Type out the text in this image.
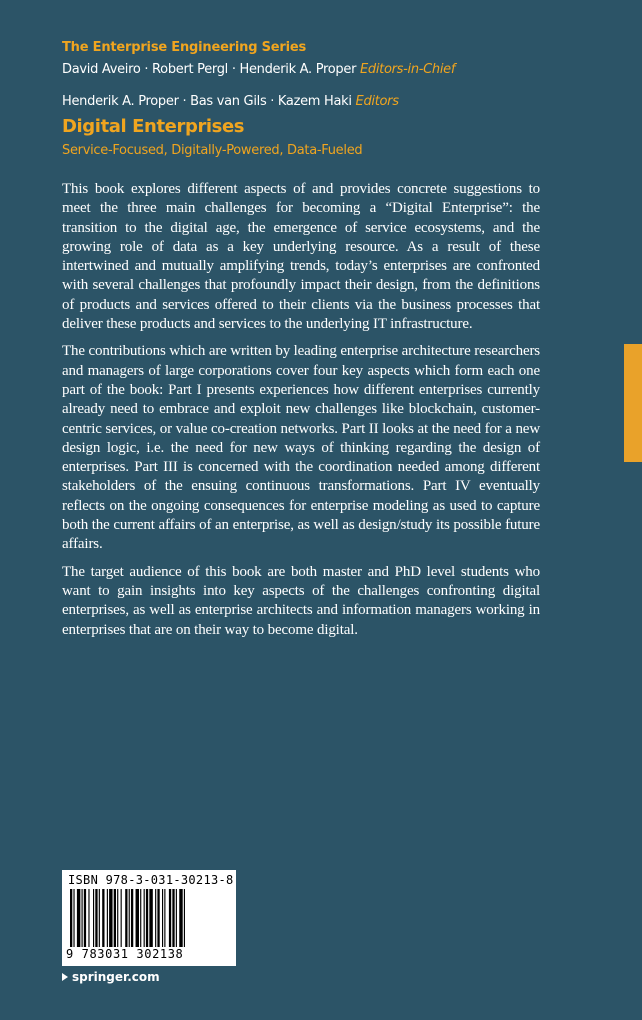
The Enterprise Engineering Series
David Aveiro · Robert Pergl · Henderik A. Proper Editors-in-Chief
Henderik A. Proper · Bas van Gils · Kazem Haki Editors
Digital Enterprises
Service-Focused, Digitally-Powered, Data-Fueled

This book explores different aspects of and provides concrete suggestions to meet the three main challenges for becoming a “Digital Enterprise”: the transition to the digital age, the emergence of service ecosystems, and the growing role of data as a key underlying resource. As a result of these intertwined and mutually amplifying trends, today’s enterprises are confronted with several challenges that profoundly impact their design, from the definitions of products and services offered to their clients via the business processes that deliver these products and services to the underlying IT infrastructure.

The contributions which are written by leading enterprise architecture researchers and managers of large corporations cover four key aspects which form each one part of the book: Part I presents experiences how different enterprises currently already need to embrace and exploit new challenges like blockchain, customer-centric services, or value co-creation networks. Part II looks at the need for a new design logic, i.e. the need for new ways of thinking regarding the design of enterprises. Part III is concerned with the coordination needed among different stakeholders of the ensuing continuous transformations. Part IV eventually reflects on the ongoing consequences for enterprise modeling as used to capture both the current affairs of an enterprise, as well as design/study its possible future affairs.

The target audience of this book are both master and PhD level students who want to gain insights into key aspects of the challenges confronting digital enterprises, as well as enterprise architects and information managers working in enterprises that are on their way to become digital.

ISBN 978-3-031-30213-8
9 783031 302138
springer.com
